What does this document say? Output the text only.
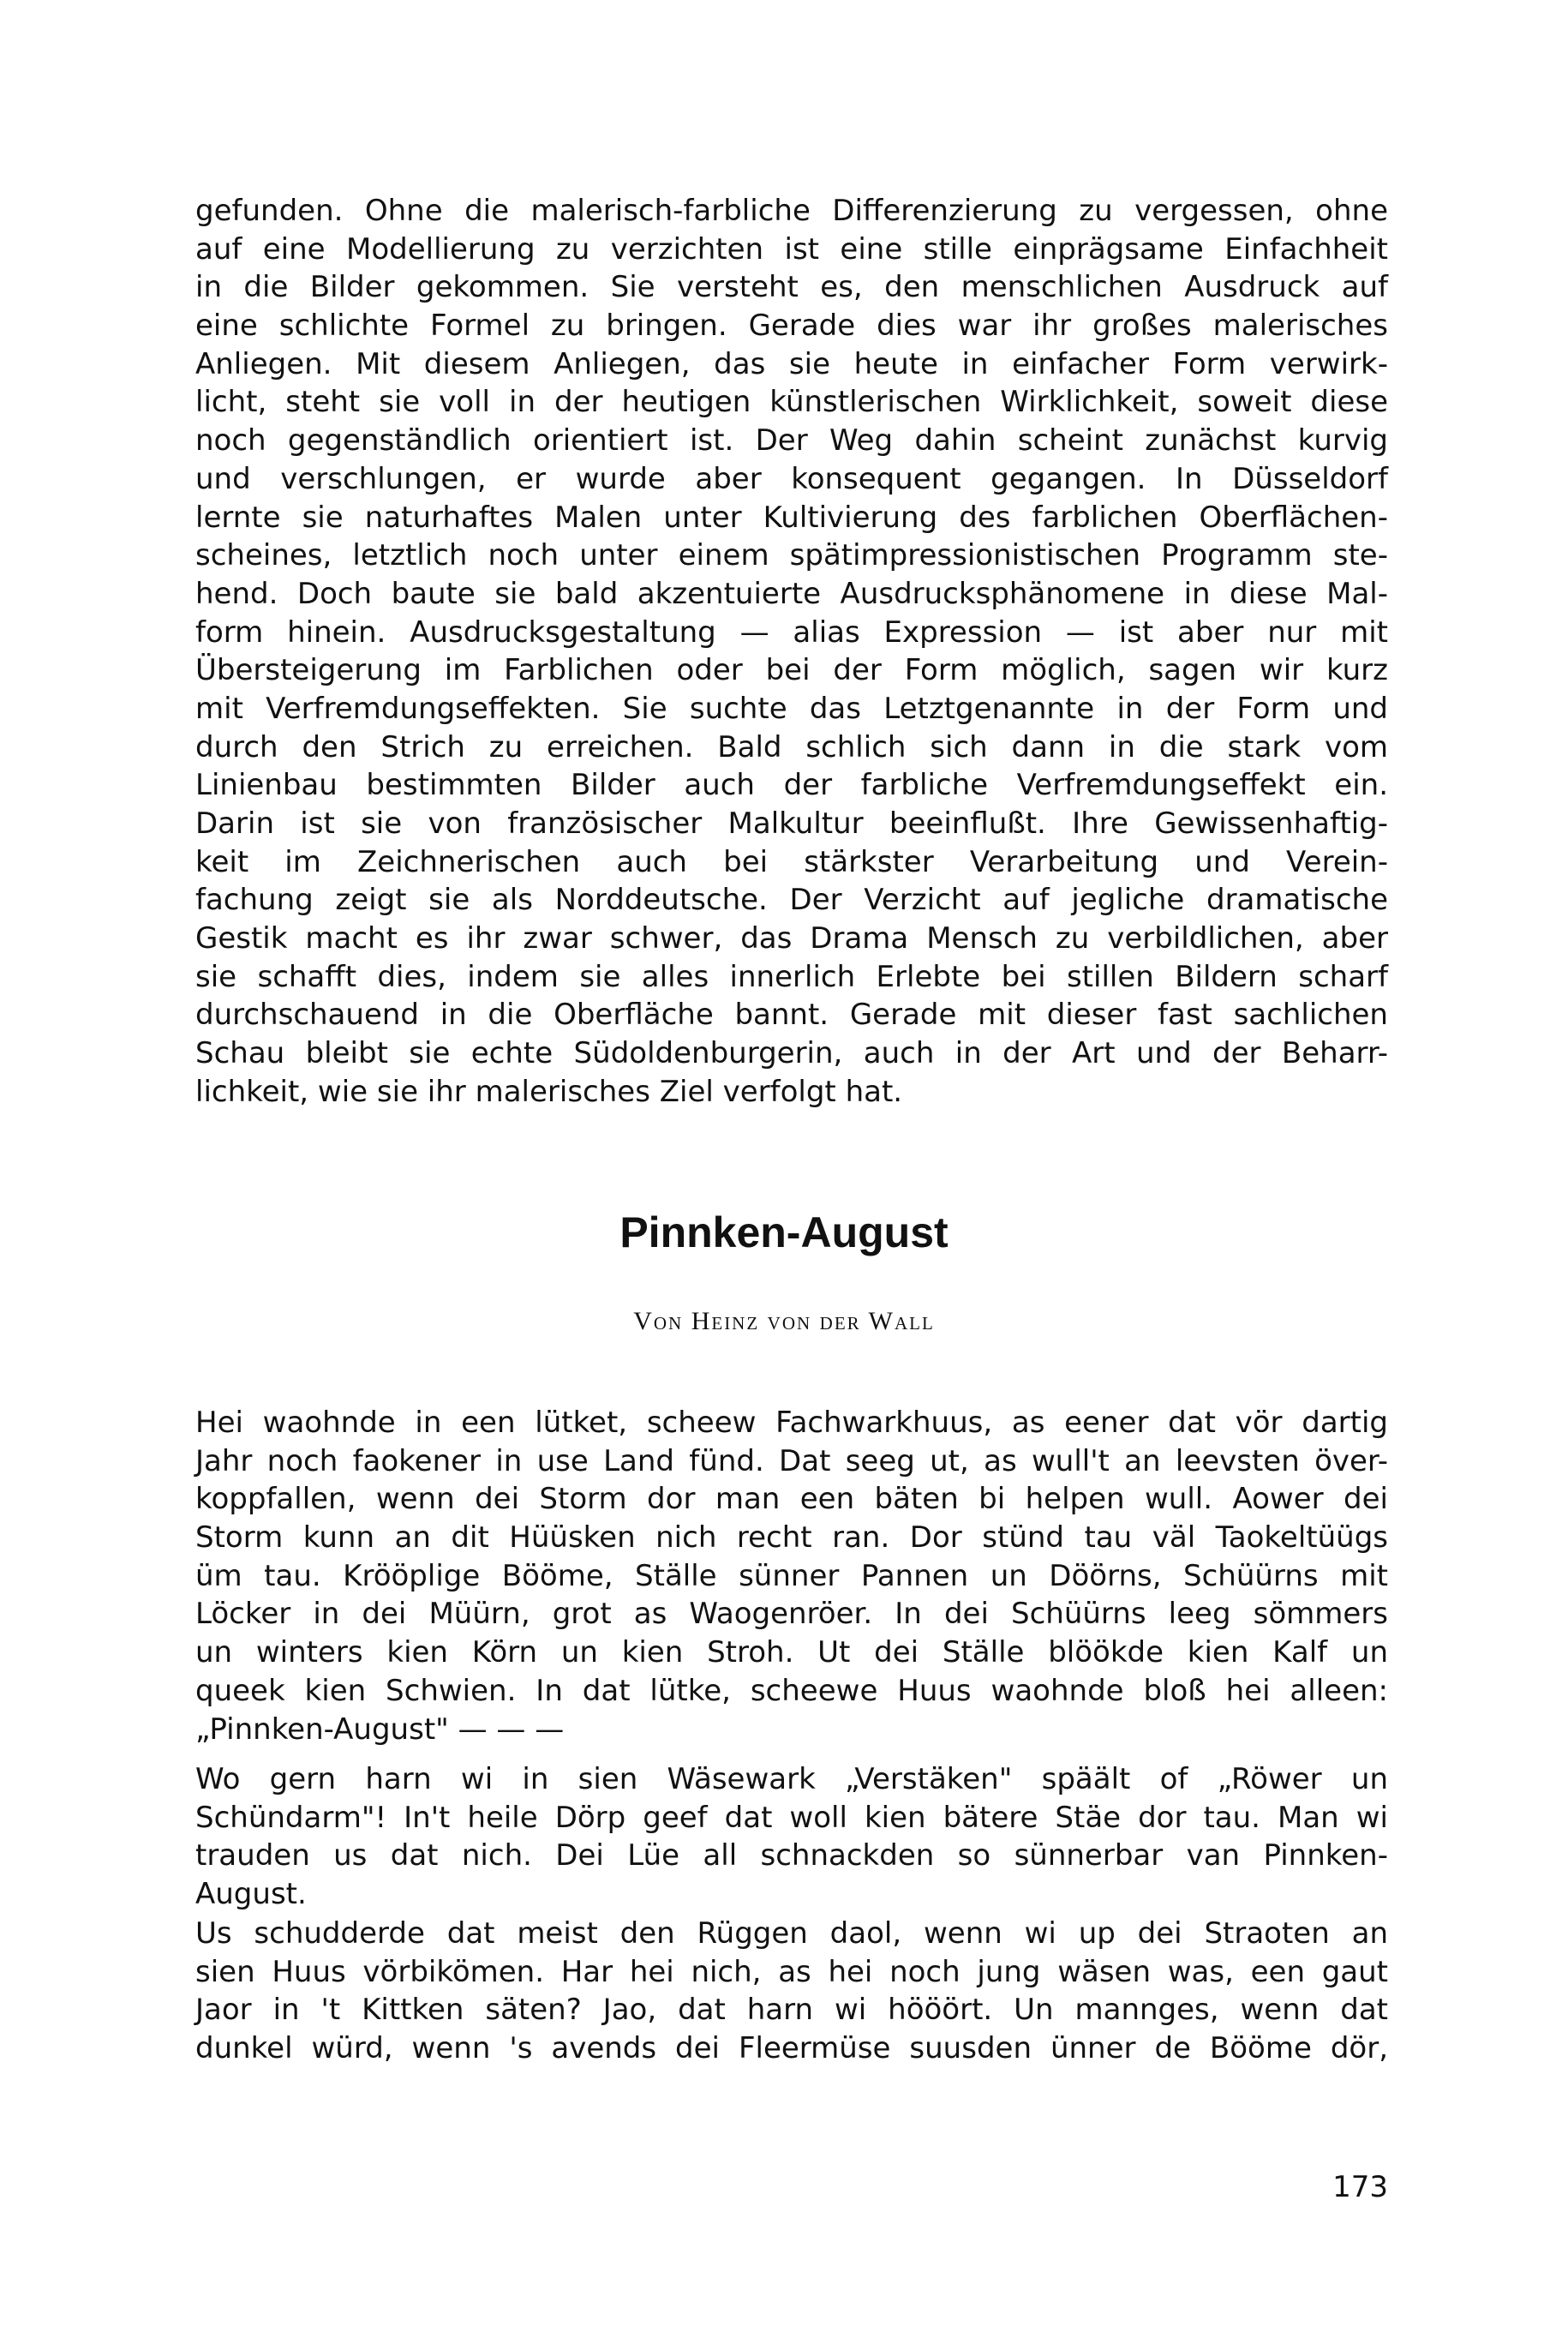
gefunden. Ohne die malerisch-farbliche Differenzierung zu vergessen, ohne
auf eine Modellierung zu verzichten ist eine stille einprägsame Einfachheit
in die Bilder gekommen. Sie versteht es, den menschlichen Ausdruck auf
eine schlichte Formel zu bringen. Gerade dies war ihr großes malerisches
Anliegen. Mit diesem Anliegen, das sie heute in einfacher Form verwirk-
licht, steht sie voll in der heutigen künstlerischen Wirklichkeit, soweit diese
noch gegenständlich orientiert ist. Der Weg dahin scheint zunächst kurvig
und verschlungen, er wurde aber konsequent gegangen. In Düsseldorf
lernte sie naturhaftes Malen unter Kultivierung des farblichen Oberflächen-
scheines, letztlich noch unter einem spätimpressionistischen Programm ste-
hend. Doch baute sie bald akzentuierte Ausdrucksphänomene in diese Mal-
form hinein. Ausdrucksgestaltung — alias Expression — ist aber nur mit
Übersteigerung im Farblichen oder bei der Form möglich, sagen wir kurz
mit Verfremdungseffekten. Sie suchte das Letztgenannte in der Form und
durch den Strich zu erreichen. Bald schlich sich dann in die stark vom
Linienbau bestimmten Bilder auch der farbliche Verfremdungseffekt ein.
Darin ist sie von französischer Malkultur beeinflußt. Ihre Gewissenhaftig-
keit im Zeichnerischen auch bei stärkster Verarbeitung und Verein-
fachung zeigt sie als Norddeutsche. Der Verzicht auf jegliche dramatische
Gestik macht es ihr zwar schwer, das Drama Mensch zu verbildlichen, aber
sie schafft dies, indem sie alles innerlich Erlebte bei stillen Bildern scharf
durchschauend in die Oberfläche bannt. Gerade mit dieser fast sachlichen
Schau bleibt sie echte Südoldenburgerin, auch in der Art und der Beharr-
lichkeit, wie sie ihr malerisches Ziel verfolgt hat.
Pinnken-August
Von Heinz von der Wall
Hei waohnde in een lütket, scheew Fachwarkhuus, as eener dat vör dartig
Jahr noch faokener in use Land fünd. Dat seeg ut, as wull't an leevsten över-
koppfallen, wenn dei Storm dor man een bäten bi helpen wull. Aower dei
Storm kunn an dit Hüüsken nich recht ran. Dor stünd tau väl Taokeltüügs
üm tau. Krööplige Bööme, Ställe sünner Pannen un Döörns, Schüürns mit
Löcker in dei Müürn, grot as Waogenröer. In dei Schüürns leeg sömmers
un winters kien Körn un kien Stroh. Ut dei Ställe blöökde kien Kalf un
queek kien Schwien. In dat lütke, scheewe Huus waohnde bloß hei alleen:
„Pinnken-August" — — —
Wo gern harn wi in sien Wäsewark „Verstäken" späält of „Röwer un
Schündarm"! In't heile Dörp geef dat woll kien bätere Stäe dor tau. Man wi
trauden us dat nich. Dei Lüe all schnackden so sünnerbar van Pinnken-
August.
Us schudderde dat meist den Rüggen daol, wenn wi up dei Straoten an
sien Huus vörbikömen. Har hei nich, as hei noch jung wäsen was, een gaut
Jaor in 't Kittken säten? Jao, dat harn wi hööört. Un mannges, wenn dat
dunkel würd, wenn 's avends dei Fleermüse suusden ünner de Bööme dör,
173
